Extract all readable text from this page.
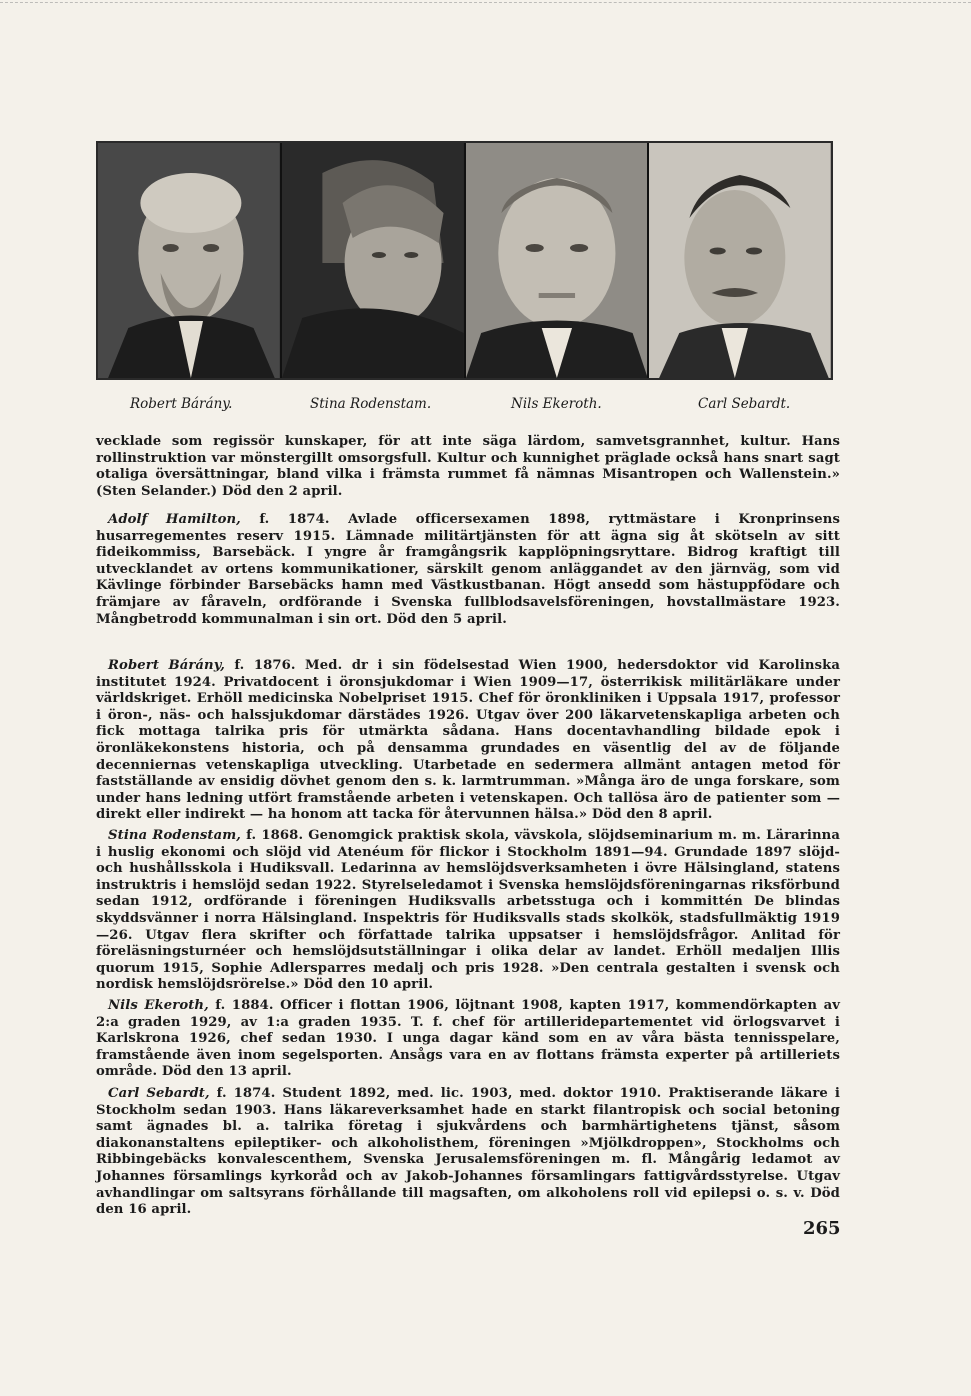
Robert Bárány.	Stina Rodenstam.	Nils Ekeroth.	Carl Sebardt.

vecklade som regissör kunskaper, för att inte säga lärdom, samvetsgrannhet, kultur. Hans rollinstruktion var mönstergillt omsorgsfull. Kultur och kunnighet präglade också hans snart sagt otaliga översättningar, bland vilka i främsta rummet få nämnas Misantropen och Wallenstein.» (Sten Selander.) Död den 2 april.

Adolf Hamilton, f. 1874. Avlade officersexamen 1898, ryttmästare i Kronprinsens husarregementes reserv 1915. Lämnade militärtjänsten för att ägna sig åt skötseln av sitt fideikommiss, Barsebäck. I yngre år framgångsrik kapplöpningsryttare. Bidrog kraftigt till utvecklandet av ortens kommunikationer, särskilt genom anläggandet av den järnväg, som vid Kävlinge förbinder Barsebäcks hamn med Västkustbanan. Högt ansedd som hästuppfödare och främjare av fåraveln, ordförande i Svenska fullblodsavelsföreningen, hovstallmästare 1923. Mångbetrodd kommunalman i sin ort. Död den 5 april.

Robert Bárány, f. 1876. Med. dr i sin födelsestad Wien 1900, hedersdoktor vid Karolinska institutet 1924. Privatdocent i öronsjukdomar i Wien 1909—17, österrikisk militärläkare under världskriget. Erhöll medicinska Nobelpriset 1915. Chef för öronkliniken i Uppsala 1917, professor i öron-, näs- och halssjukdomar därstädes 1926. Utgav över 200 läkarvetenskapliga arbeten och fick mottaga talrika pris för utmärkta sådana. Hans docentavhandling bildade epok i öronläkekonstens historia, och på densamma grundades en väsentlig del av de följande decenniernas vetenskapliga utveckling. Utarbetade en sedermera allmänt antagen metod för fastställande av ensidig dövhet genom den s. k. larmtrumman. »Många äro de unga forskare, som under hans ledning utfört framstående arbeten i vetenskapen. Och tallösa äro de patienter som — direkt eller indirekt — ha honom att tacka för återvunnen hälsa.» Död den 8 april.

Stina Rodenstam, f. 1868. Genomgick praktisk skola, vävskola, slöjdseminarium m. m. Lärarinna i huslig ekonomi och slöjd vid Atenéum för flickor i Stockholm 1891—94. Grundade 1897 slöjd- och hushållsskola i Hudiksvall. Ledarinna av hemslöjdsverksamheten i övre Hälsingland, statens instruktris i hemslöjd sedan 1922. Styrelseledamot i Svenska hemslöjdsföreningarnas riksförbund sedan 1912, ordförande i föreningen Hudiksvalls arbetsstuga och i kommittén De blindas skyddsvänner i norra Hälsingland. Inspektris för Hudiksvalls stads skolkök, stadsfullmäktig 1919—26. Utgav flera skrifter och författade talrika uppsatser i hemslöjdsfrågor. Anlitad för föreläsningsturnéer och hemslöjdsutställningar i olika delar av landet. Erhöll medaljen Illis quorum 1915, Sophie Adlersparres medalj och pris 1928. »Den centrala gestalten i svensk och nordisk hemslöjdsrörelse.» Död den 10 april.

Nils Ekeroth, f. 1884. Officer i flottan 1906, löjtnant 1908, kapten 1917, kommendörkapten av 2:a graden 1929, av 1:a graden 1935. T. f. chef för artilleridepartementet vid örlogsvarvet i Karlskrona 1926, chef sedan 1930. I unga dagar känd som en av våra bästa tennisspelare, framstående även inom segelsporten. Ansågs vara en av flottans främsta experter på artilleriets område. Död den 13 april.

Carl Sebardt, f. 1874. Student 1892, med. lic. 1903, med. doktor 1910. Praktiserande läkare i Stockholm sedan 1903. Hans läkareverksamhet hade en starkt filantropisk och social betoning samt ägnades bl. a. talrika företag i sjukvårdens och barmhärtighetens tjänst, såsom diakonanstaltens epileptiker- och alkoholisthem, föreningen »Mjölkdroppen», Stockholms och Ribbingebäcks konvalescenthem, Svenska Jerusalemsföreningen m. fl. Mångårig ledamot av Johannes församlings kyrkoråd och av Jakob-Johannes församlingars fattigvårdsstyrelse. Utgav avhandlingar om saltsyrans förhållande till magsaften, om alkoholens roll vid epilepsi o. s. v. Död den 16 april.

265
